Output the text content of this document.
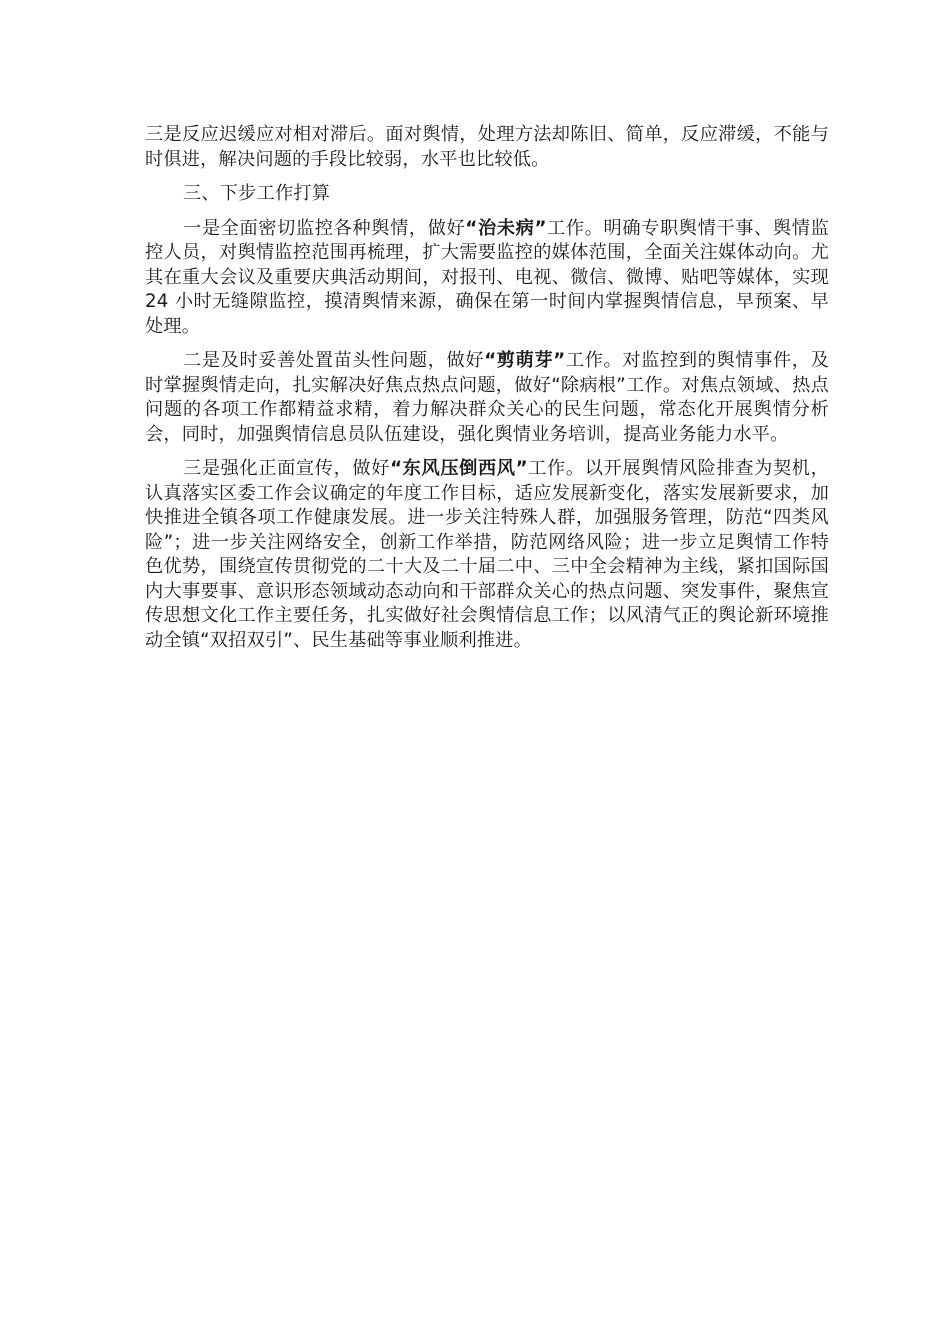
三是反应迟缓应对相对滞后。面对舆情，处理方法却陈旧、简单，反应滞缓，不能与时俱进，解决问题的手段比较弱，水平也比较低。

三、下步工作打算

一是全面密切监控各种舆情，做好“治未病”工作。明确专职舆情干事、舆情监控人员，对舆情监控范围再梳理，扩大需要监控的媒体范围，全面关注媒体动向。尤其在重大会议及重要庆典活动期间，对报刊、电视、微信、微博、贴吧等媒体，实现 24 小时无缝隙监控，摸清舆情来源，确保在第一时间内掌握舆情信息，早预案、早处理。

二是及时妥善处置苗头性问题，做好“剪萌芽”工作。对监控到的舆情事件，及时掌握舆情走向，扎实解决好焦点热点问题，做好“除病根”工作。对焦点领域、热点问题的各项工作都精益求精，着力解决群众关心的民生问题，常态化开展舆情分析会，同时，加强舆情信息员队伍建设，强化舆情业务培训，提高业务能力水平。

三是强化正面宣传，做好“东风压倒西风”工作。以开展舆情风险排查为契机，认真落实区委工作会议确定的年度工作目标，适应发展新变化，落实发展新要求，加快推进全镇各项工作健康发展。进一步关注特殊人群，加强服务管理，防范“四类风险”；进一步关注网络安全，创新工作举措，防范网络风险；进一步立足舆情工作特色优势，围绕宣传贯彻党的二十大及二十届二中、三中全会精神为主线，紧扣国际国内大事要事、意识形态领域动态动向和干部群众关心的热点问题、突发事件，聚焦宣传思想文化工作主要任务，扎实做好社会舆情信息工作；以风清气正的舆论新环境推动全镇“双招双引”、民生基础等事业顺利推进。
